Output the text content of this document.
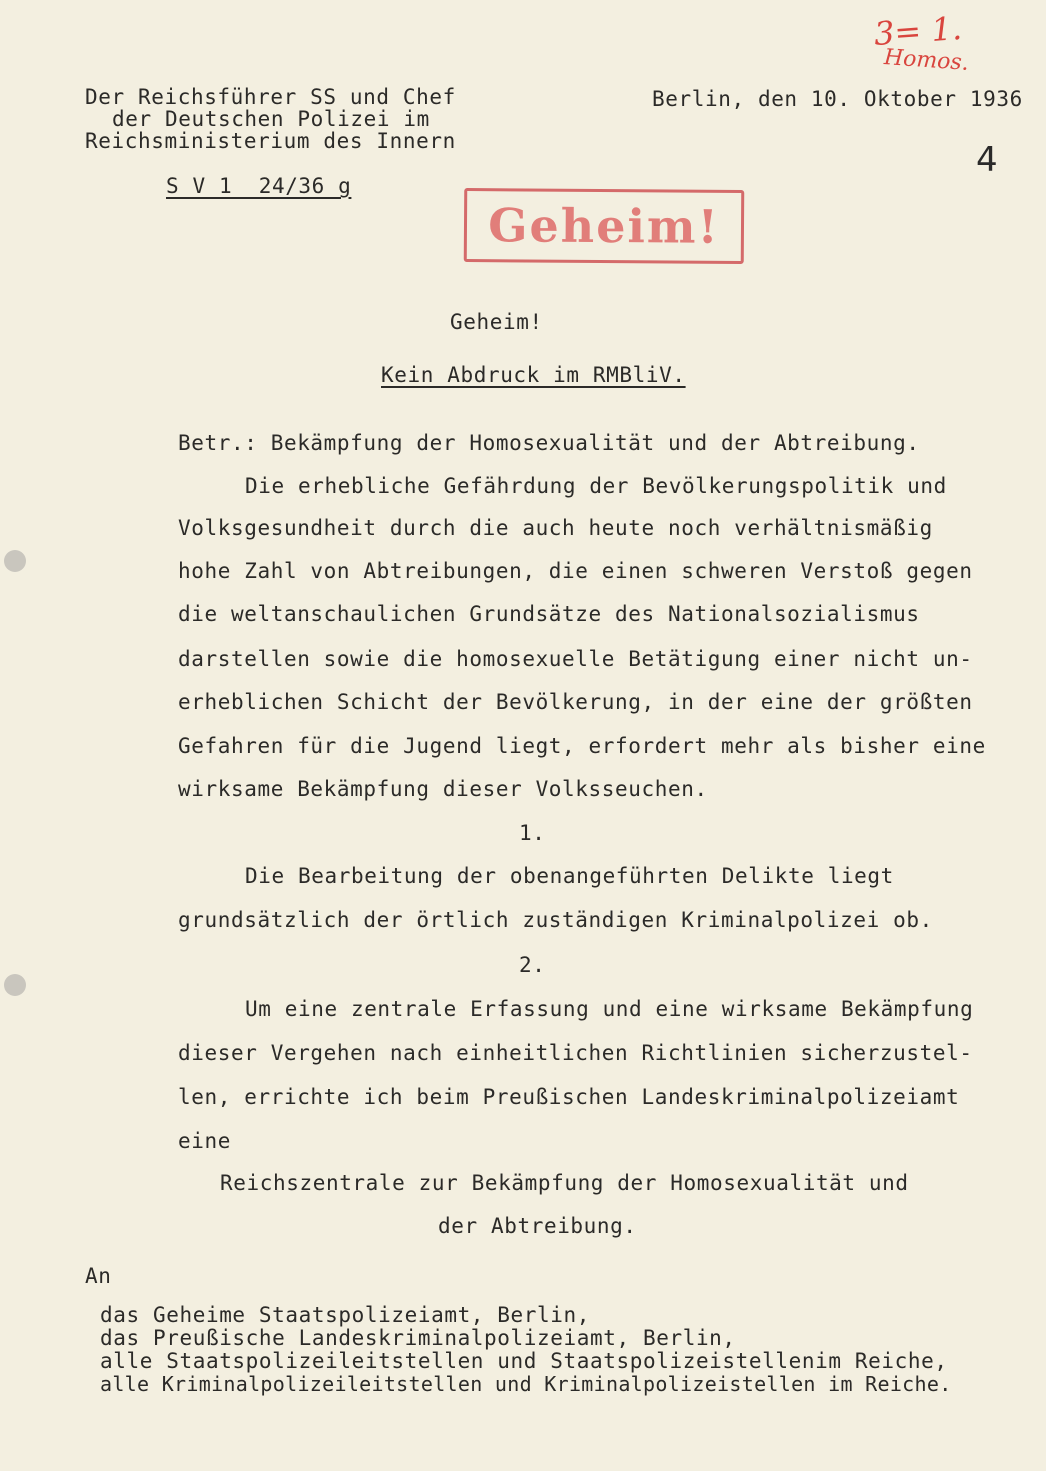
3= 1.
Homos.
4
Der Reichsführer SS und Chef
der Deutschen Polizei im
Reichsministerium des Innern
Berlin, den 10. Oktober 1936
S V 1  24/36 g
Geheim!
Geheim!
Kein Abdruck im RMBliV.
Betr.: Bekämpfung der Homosexualität und der Abtreibung.
Die erhebliche Gefährdung der Bevölkerungspolitik und
Volksgesundheit durch die auch heute noch verhältnismäßig
hohe Zahl von Abtreibungen, die einen schweren Verstoß gegen
die weltanschaulichen Grundsätze des Nationalsozialismus
darstellen sowie die homosexuelle Betätigung einer nicht un-
erheblichen Schicht der Bevölkerung, in der eine der größten
Gefahren für die Jugend liegt, erfordert mehr als bisher eine
wirksame Bekämpfung dieser Volksseuchen.
1.
Die Bearbeitung der obenangeführten Delikte liegt
grundsätzlich der örtlich zuständigen Kriminalpolizei ob.
2.
Um eine zentrale Erfassung und eine wirksame Bekämpfung
dieser Vergehen nach einheitlichen Richtlinien sicherzustel-
len, errichte ich beim Preußischen Landeskriminalpolizeiamt
eine
Reichszentrale zur Bekämpfung der Homosexualität und
der Abtreibung.
An
das Geheime Staatspolizeiamt, Berlin,
das Preußische Landeskriminalpolizeiamt, Berlin,
alle Staatspolizeileitstellen und Staatspolizeistellenim Reiche,
alle Kriminalpolizeileitstellen und Kriminalpolizeistellen im Reiche.
